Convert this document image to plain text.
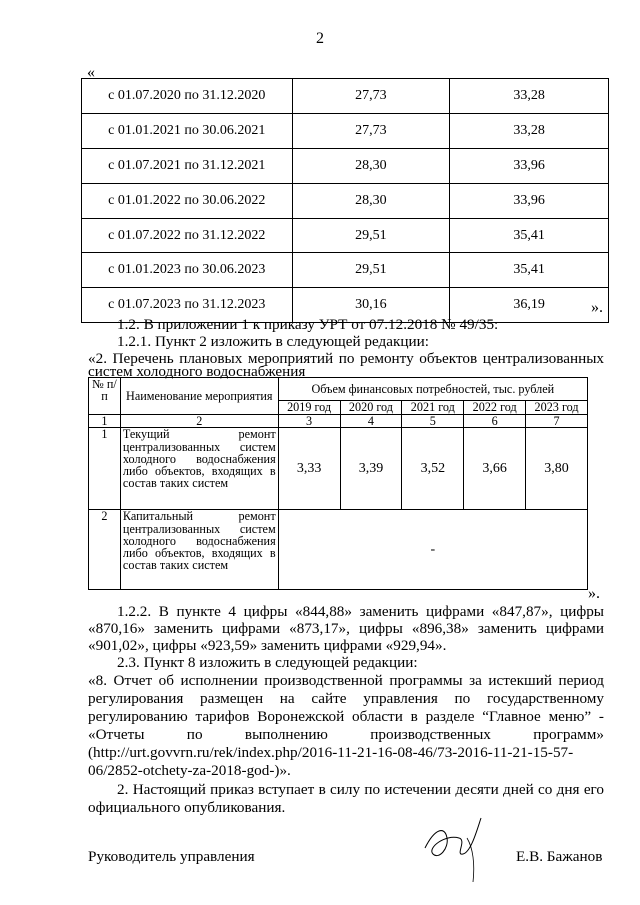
2
«
с 01.07.2020 по 31.12.2020	27,73	33,28
с 01.01.2021 по 30.06.2021	27,73	33,28
с 01.07.2021 по 31.12.2021	28,30	33,96
с 01.01.2022 по 30.06.2022	28,30	33,96
с 01.07.2022 по 31.12.2022	29,51	35,41
с 01.01.2023 по 30.06.2023	29,51	35,41
с 01.07.2023 по 31.12.2023	30,16	36,19	».
1.2. В приложении 1 к приказу УРТ от 07.12.2018 № 49/35:
1.2.1. Пункт 2 изложить в следующей редакции:
«2. Перечень плановых мероприятий по ремонту объектов централизованных
систем холодного водоснабжения
№ п/п	Наименование мероприятия	Объем финансовых потребностей, тыс. рублей				
		2019 год	2020 год	2021 год	2022 год	2023 год
1	2	3	4	5	6	7
1	Текущий ремонт централизованных систем холодного водоснабжения либо объектов, входящих в состав таких систем	3,33	3,39	3,52	3,66	3,80
2	Капитальный ремонт централизованных систем холодного водоснабжения либо объектов, входящих в состав таких систем	-				
».
1.2.2. В пункте 4 цифры «844,88» заменить цифрами «847,87», цифры
«870,16» заменить цифрами «873,17», цифры «896,38» заменить цифрами
«901,02», цифры «923,59» заменить цифрами «929,94».
2.3. Пункт 8 изложить в следующей редакции:
«8. Отчет об исполнении производственной программы за истекший период
регулирования размещен на сайте управления по государственному
регулированию тарифов Воронежской области в разделе “Главное меню” -
«Отчеты по выполнению производственных программ»
(http://urt.govvrn.ru/rek/index.php/2016-11-21-16-08-46/73-2016-11-21-15-57-
06/2852-otchety-za-2018-god-)».
2. Настоящий приказ вступает в силу по истечении десяти дней со дня его
официального опубликования.
Руководитель управления	Е.В. Бажанов
